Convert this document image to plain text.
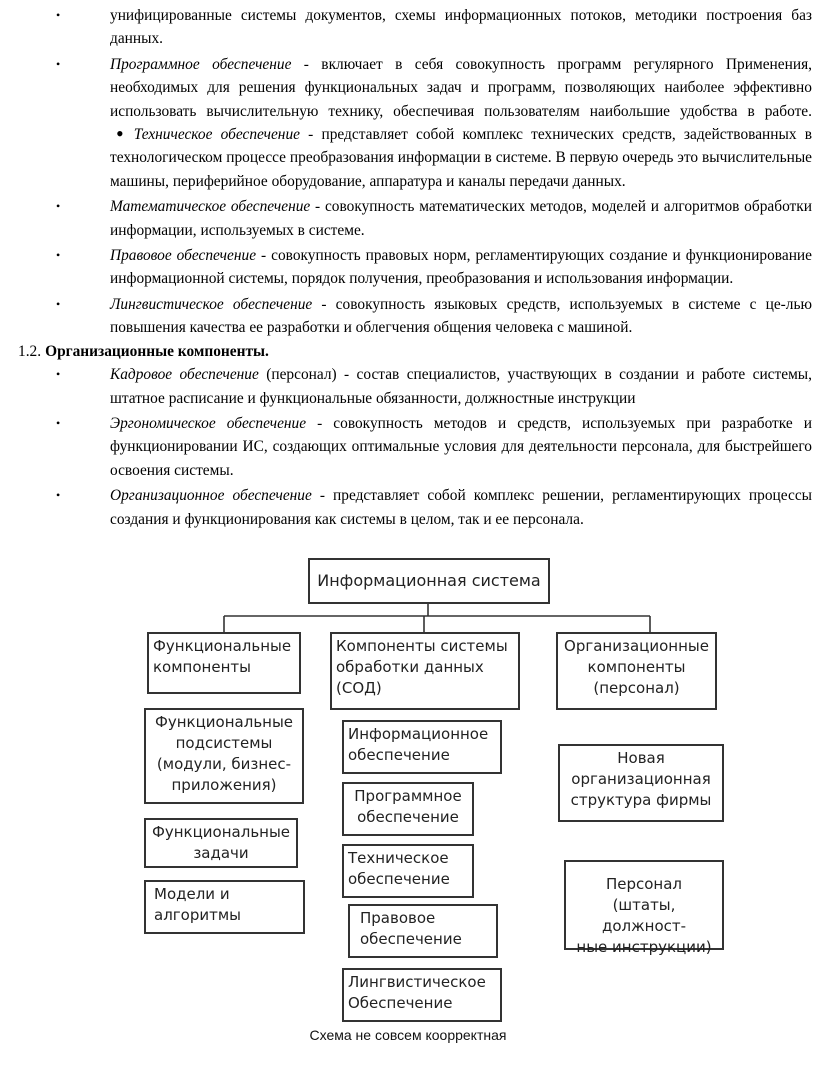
•	унифицированные системы документов, схемы информационных потоков, методики построения баз данных.
•	Программное обеспечение - включает в себя совокупность программ регулярного Применения, необходимых для решения функциональных задач и программ, позволяющих наиболее эффективно использовать вычислительную технику, обеспечивая пользователям наибольшие удобства в работе. • Техническое обеспечение - представляет собой комплекс технических средств, задействованных в технологическом процессе преобразования информации в системе. В первую очередь это вычислительные машины, периферийное оборудование, аппаратура и каналы передачи данных.
•	Математическое обеспечение - совокупность математических методов, моделей и алгоритмов обработки информации, используемых в системе.
•	Правовое обеспечение - совокупность правовых норм, регламентирующих создание и функционирование информационной системы, порядок получения, преобразования и использования информации.
•	Лингвистическое обеспечение - совокупность языковых средств, используемых в системе с це-лью повышения качества ее разработки и облегчения общения человека с машиной.
1.2. Организационные компоненты.
•	Кадровое обеспечение (персонал) - состав специалистов, участвующих в создании и работе системы, штатное расписание и функциональные обязанности, должностные инструкции
•	Эргономическое обеспечение - совокупность методов и средств, используемых при разработке и функционировании ИС, создающих оптимальные условия для деятельности персонала, для быстрейшего освоения системы.
•	Организационное обеспечение - представляет собой комплекс решении, регламентирующих процессы создания и функционирования как системы в целом, так и ее персонала.
Информационная система
Функциональные
компоненты
Компоненты системы
обработки данных
(СОД)
Организационные
компоненты
(персонал)
Функциональные
подсистемы
(модули, бизнес-
приложения)
Функциональные
задачи
Модели и
алгоритмы
Информационное
обеспечение
Программное
обеспечение
Техническое
обеспечение
Правовое
обеспечение
Лингвистическое
Обеспечение
Новая
организационная
структура фирмы
Персонал
(штаты, должност-
ные инструкции)
Схема не совсем коорректная
